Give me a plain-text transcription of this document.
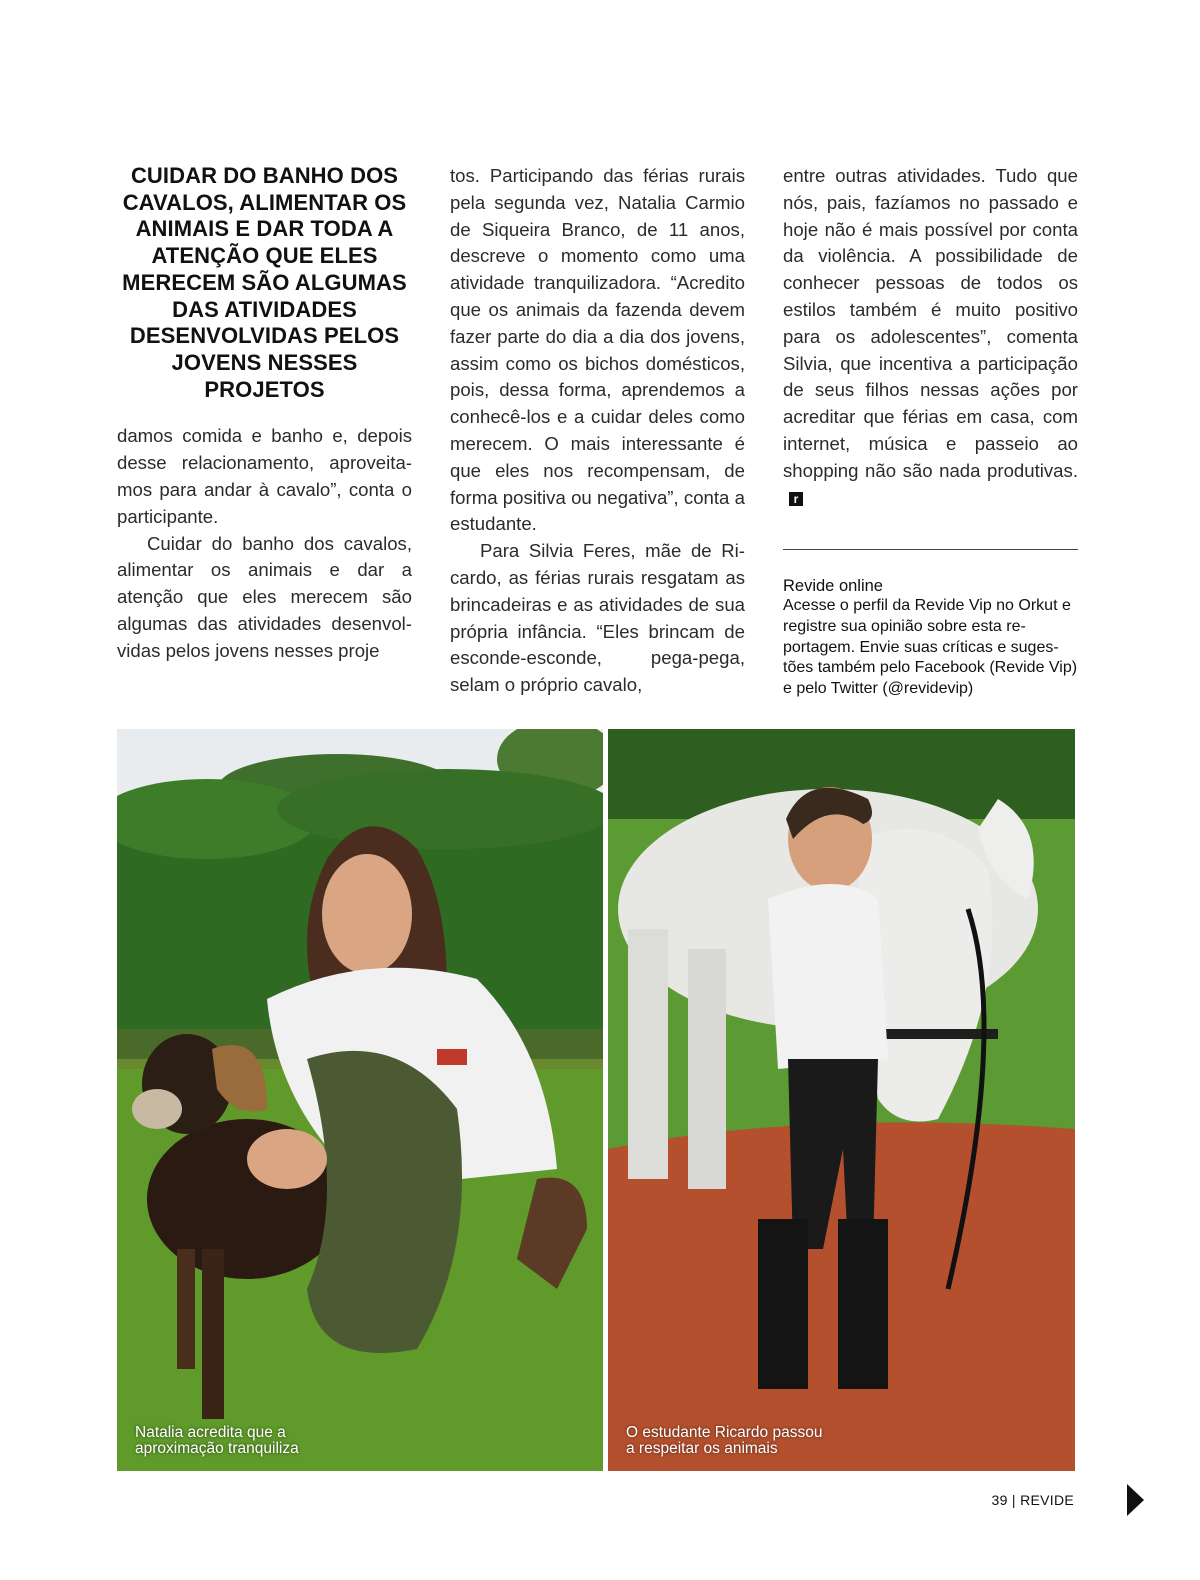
CUIDAR DO BANHO DOS CAVALOS, ALIMENTAR OS ANIMAIS E DAR TODA A ATENÇÃO QUE ELES MERECEM SÃO ALGUMAS DAS ATIVIDADES DESENVOLVIDAS PELOS JOVENS NESSES PROJETOS

damos comida e banho e, depois desse relacionamento, aproveitamos para andar à cavalo”, conta o participante.

Cuidar do banho dos cavalos, alimentar os animais e dar a atenção que eles merecem são algumas das atividades desenvolvidas pelos jovens nesses proje

tos. Participando das férias rurais pela segunda vez, Natalia Carmio de Siqueira Branco, de 11 anos, descreve o momento como uma atividade tranquilizadora. “Acredito que os animais da fazenda devem fazer parte do dia a dia dos jovens, assim como os bichos domésticos, pois, dessa forma, aprendemos a conhecê-los e a cuidar deles como merecem. O mais interessante é que eles nos recompensam, de forma positiva ou negativa”, conta a estudante.

Para Silvia Feres, mãe de Ricardo, as férias rurais resgatam as brincadeiras e as atividades de sua própria infância. “Eles brincam de esconde-esconde, pega-pega, selam o próprio cavalo,

entre outras atividades. Tudo que nós, pais, fazíamos no passado e hoje não é mais possível por conta da violência. A possibilidade de conhecer pessoas de todos os estilos também é muito positivo para os adolescentes”, comenta Silvia, que incentiva a participação de seus filhos nessas ações por acreditar que férias em casa, com internet, música e passeio ao shopping não são nada produtivas.r

Revide online

Acesse o perfil da Revide Vip no Orkut e registre sua opinião sobre esta reportagem. Envie suas críticas e sugestões também pelo Facebook (Revide Vip) e pelo Twitter (@revidevip)

Natalia acredita que a
aproximação tranquiliza
O estudante Ricardo passou
a respeitar os animais
39 | REVIDE
